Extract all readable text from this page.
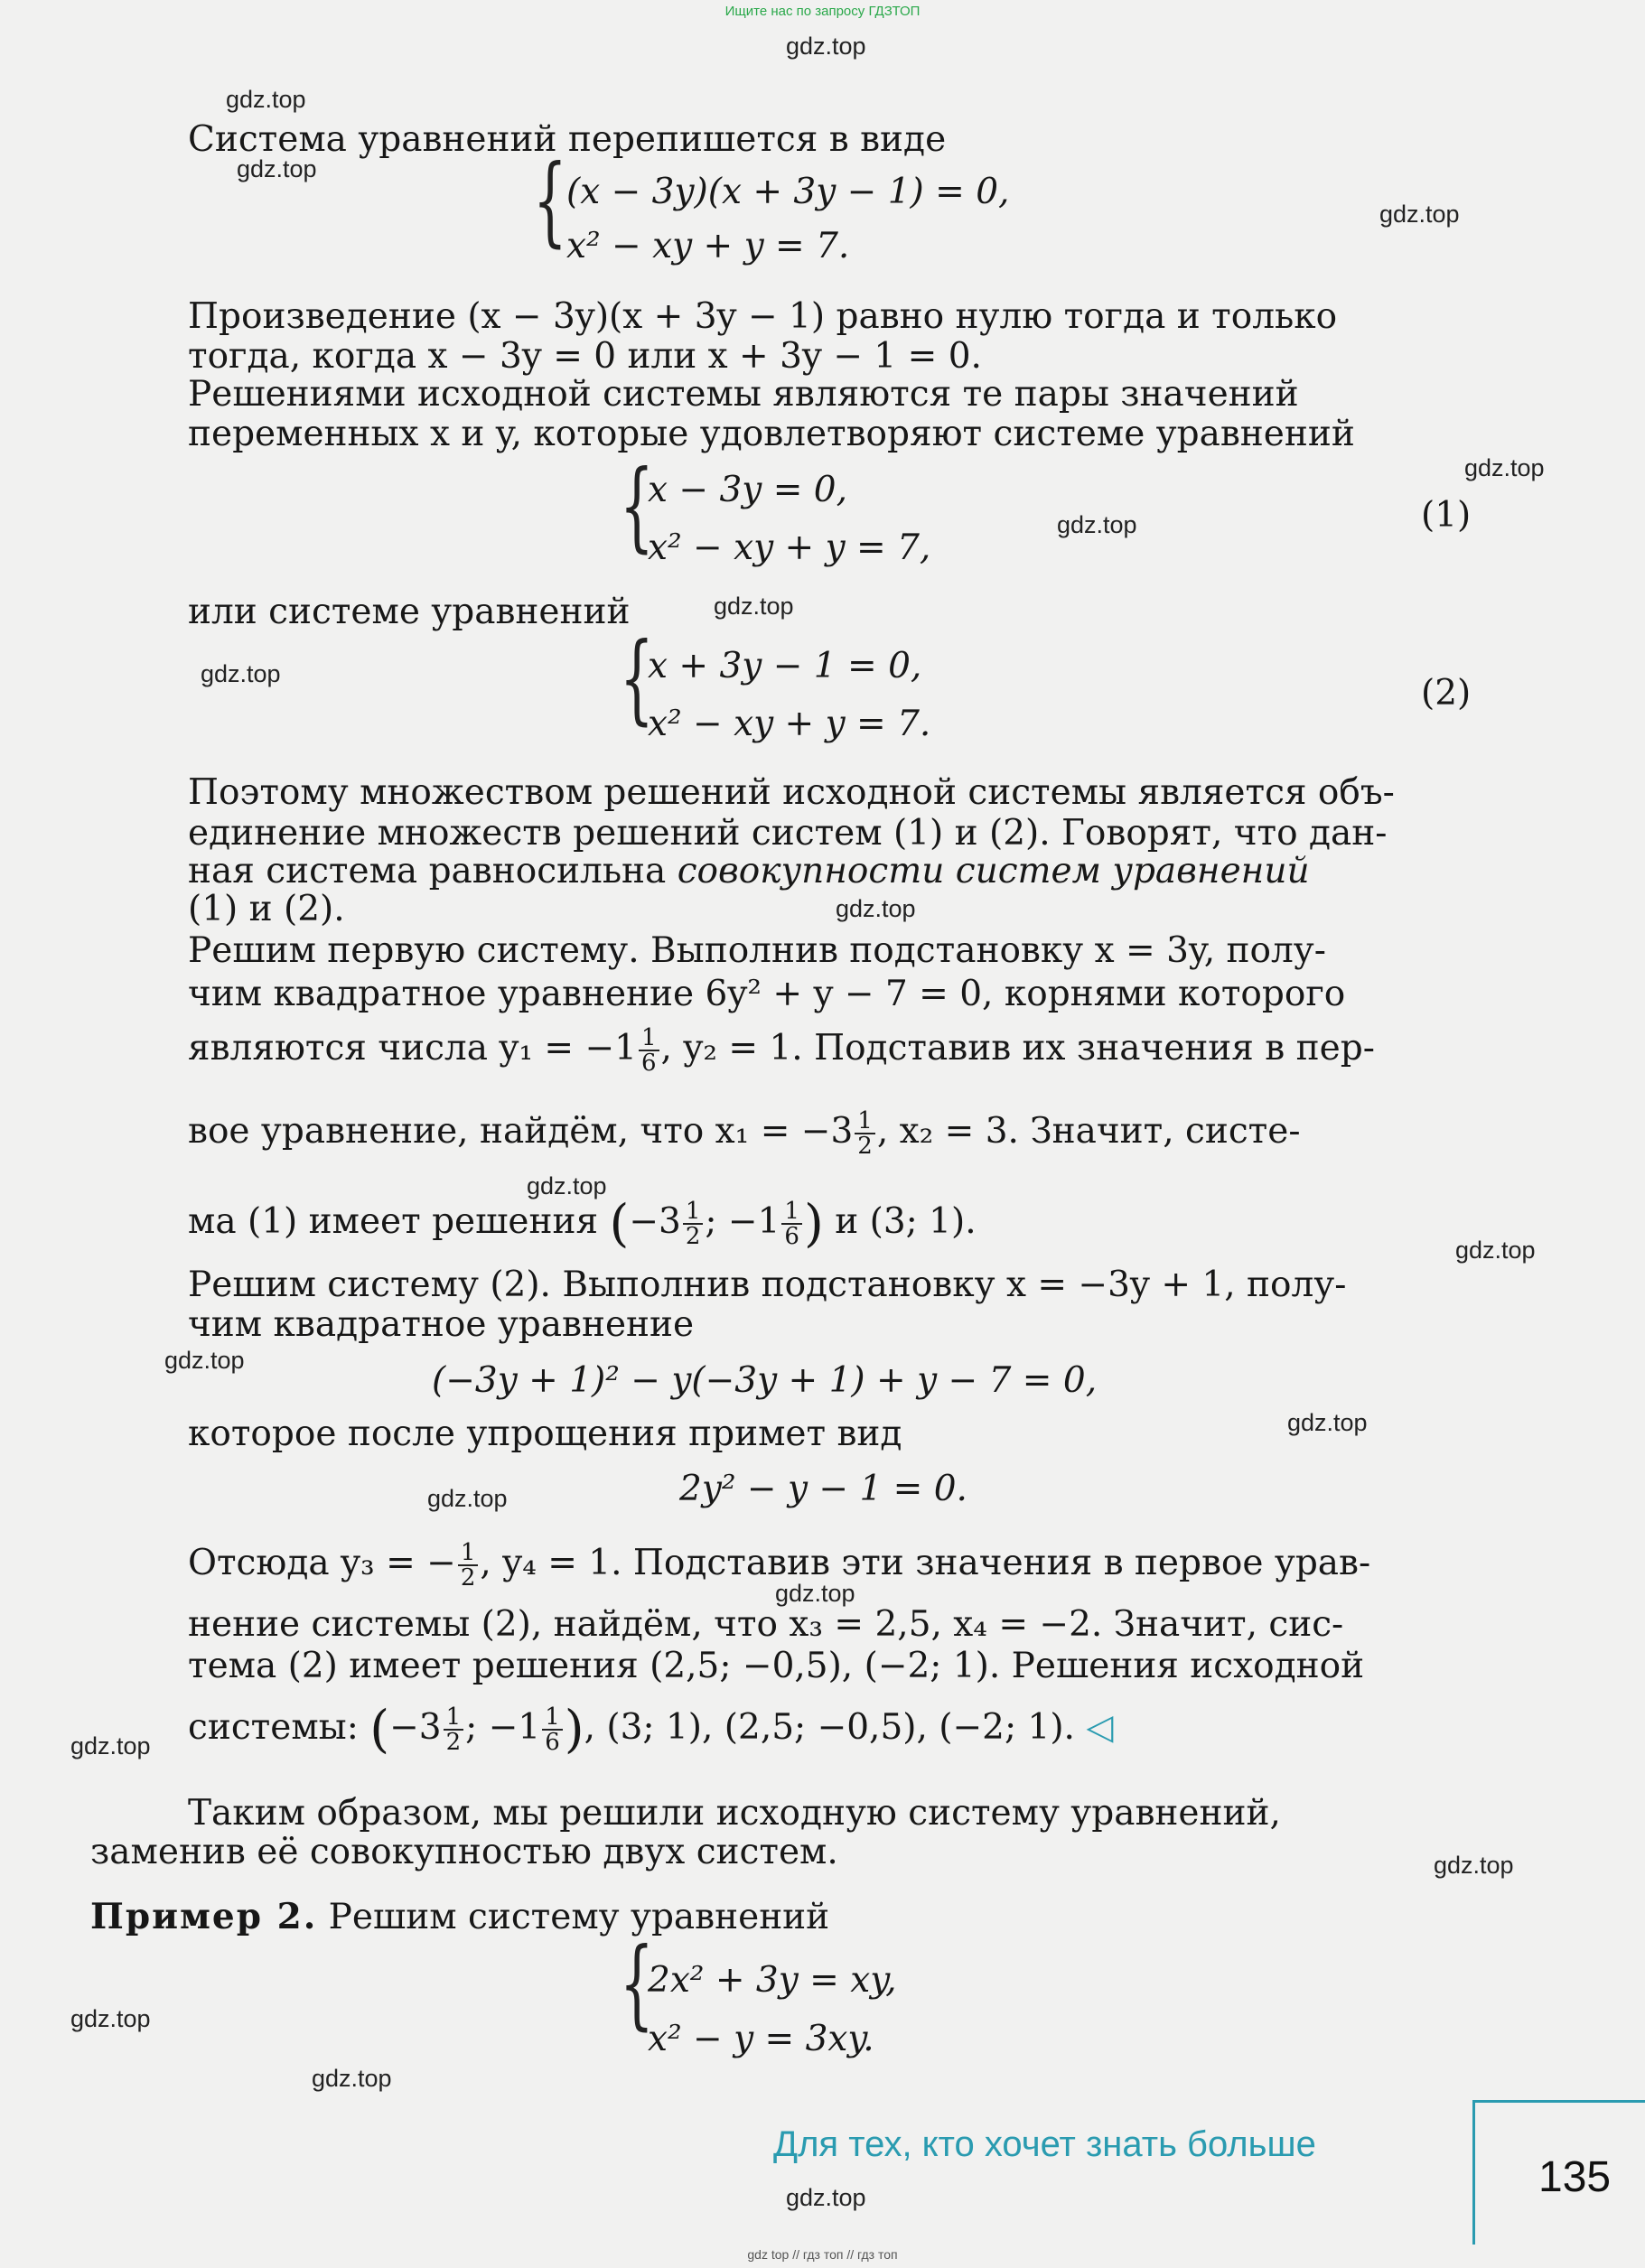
Ищите нас по запросу ГДЗТОП
gdz.top
gdz.top
gdz.top
gdz.top
gdz.top
gdz.top
gdz.top
gdz.top
gdz.top
gdz.top
gdz.top
gdz.top
gdz.top
gdz.top
gdz.top
gdz.top
gdz.top
gdz.top
gdz.top
gdz.top
Система уравнений перепишется в виде
{ (x − 3y)(x + 3y − 1) = 0,
x² − xy + y = 7.
Произведение (x − 3y)(x + 3y − 1) равно нулю тогда и только
тогда, когда x − 3y = 0 или x + 3y − 1 = 0.
Решениями исходной системы являются те пары значений
переменных x и y, которые удовлетворяют системе уравнений
{
x − 3y = 0,
x² − xy + y = 7,
(1)
или системе уравнений
{
x + 3y − 1 = 0,
x² − xy + y = 7.
(2)
Поэтому множеством решений исходной системы является объ-
единение множеств решений систем (1) и (2). Говорят, что дан-
ная система равносильна совокупности систем уравнений
(1) и (2).
Решим первую систему. Выполнив подстановку x = 3y, полу-
чим квадратное уравнение 6y² + y − 7 = 0, корнями которого
являются числа $y_1 = -1 \frac{1}{6}$ , y₂ = 1. Подставив их значения в пер-
вое уравнение, найдём, что $x_1 = -3 \frac{1}{2}$ , x₂ = 3. Значит, систе-
ма (1) имеет решения ($-3 \frac{1}{2}$ ; $-1 \frac{1}{6}$ ) и (3; 1).
Решим систему (2). Выполнив подстановку x = −3y + 1, полу-
чим квадратное уравнение
(−3y + 1)² − y(−3y + 1) + y − 7 = 0,
которое после упрощения примет вид
2y² − y − 1 = 0.
Отсюда y₃ = − $\frac{1}{2}$ , y₄ = 1. Подставив эти значения в первое урав-
нение системы (2), найдём, что x₃ = 2,5, x₄ = −2. Значит, сис-
тема (2) имеет решения (2,5; −0,5), (−2; 1). Решения исходной
системы: ($-3 \frac{1}{2}$ ; $-1 \frac{1}{6}$ ), (3; 1), (2,5; −0,5), (−2; 1). ◁
Таким образом, мы решили исходную систему уравнений,
заменив её совокупностью двух систем.
Пример 2. Решим систему уравнений
{
2x² + 3y = xy,
x² − y = 3xy.
Для тех, кто хочет знать больше
135
gdz top // гдз топ // гдз топ
